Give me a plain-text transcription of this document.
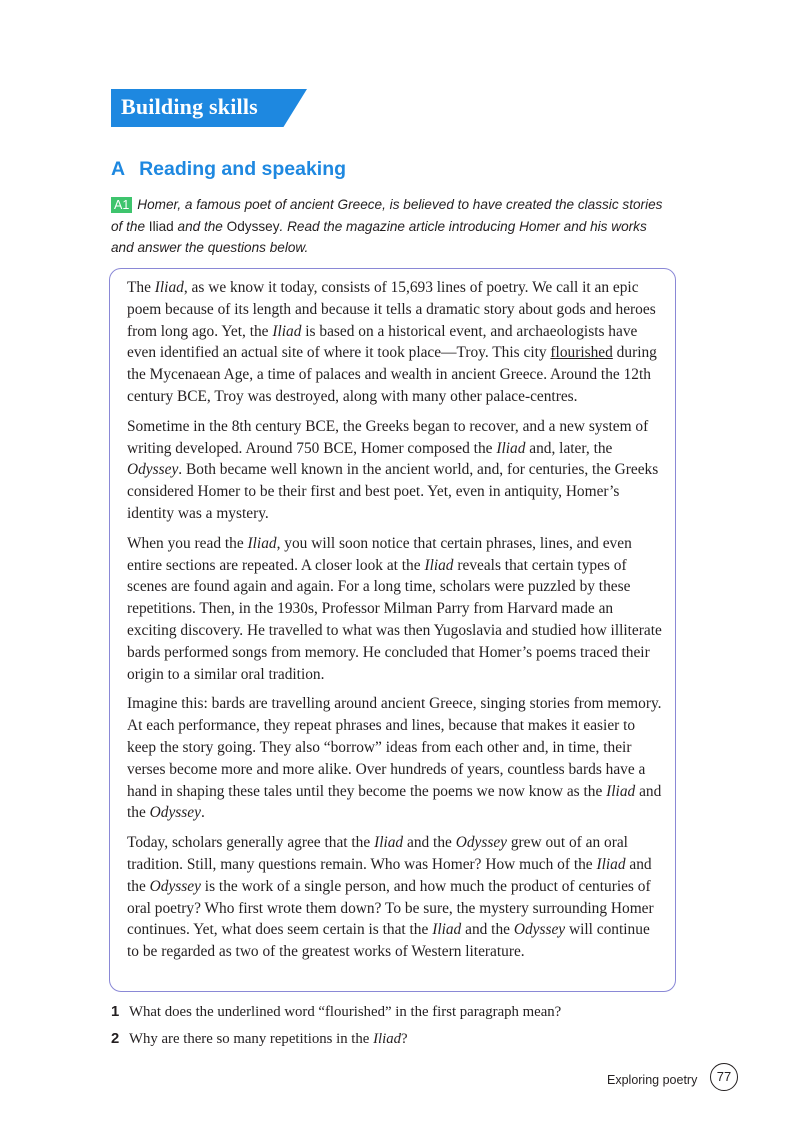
Building skills
A Reading and speaking
A1 Homer, a famous poet of ancient Greece, is believed to have created the classic stories of the Iliad and the Odyssey. Read the magazine article introducing Homer and his works and answer the questions below.

The Iliad, as we know it today, consists of 15,693 lines of poetry. We call it an epic poem because of its length and because it tells a dramatic story about gods and heroes from long ago. Yet, the Iliad is based on a historical event, and archaeologists have even identified an actual site of where it took place—Troy. This city flourished during the Mycenaean Age, a time of palaces and wealth in ancient Greece. Around the 12th century BCE, Troy was destroyed, along with many other palace-centres.

Sometime in the 8th century BCE, the Greeks began to recover, and a new system of writing developed. Around 750 BCE, Homer composed the Iliad and, later, the Odyssey. Both became well known in the ancient world, and, for centuries, the Greeks considered Homer to be their first and best poet. Yet, even in antiquity, Homer’s identity was a mystery.

When you read the Iliad, you will soon notice that certain phrases, lines, and even entire sections are repeated. A closer look at the Iliad reveals that certain types of scenes are found again and again. For a long time, scholars were puzzled by these repetitions. Then, in the 1930s, Professor Milman Parry from Harvard made an exciting discovery. He travelled to what was then Yugoslavia and studied how illiterate bards performed songs from memory. He concluded that Homer’s poems traced their origin to a similar oral tradition.

Imagine this: bards are travelling around ancient Greece, singing stories from memory. At each performance, they repeat phrases and lines, because that makes it easier to keep the story going. They also “borrow” ideas from each other and, in time, their verses become more and more alike. Over hundreds of years, countless bards have a hand in shaping these tales until they become the poems we now know as the Iliad and the Odyssey.

Today, scholars generally agree that the Iliad and the Odyssey grew out of an oral tradition. Still, many questions remain. Who was Homer? How much of the Iliad and the Odyssey is the work of a single person, and how much the product of centuries of oral poetry? Who first wrote them down? To be sure, the mystery surrounding Homer continues. Yet, what does seem certain is that the Iliad and the Odyssey will continue to be regarded as two of the greatest works of Western literature.

1 What does the underlined word “flourished” in the first paragraph mean?
2 Why are there so many repetitions in the Iliad?
Exploring poetry	77
